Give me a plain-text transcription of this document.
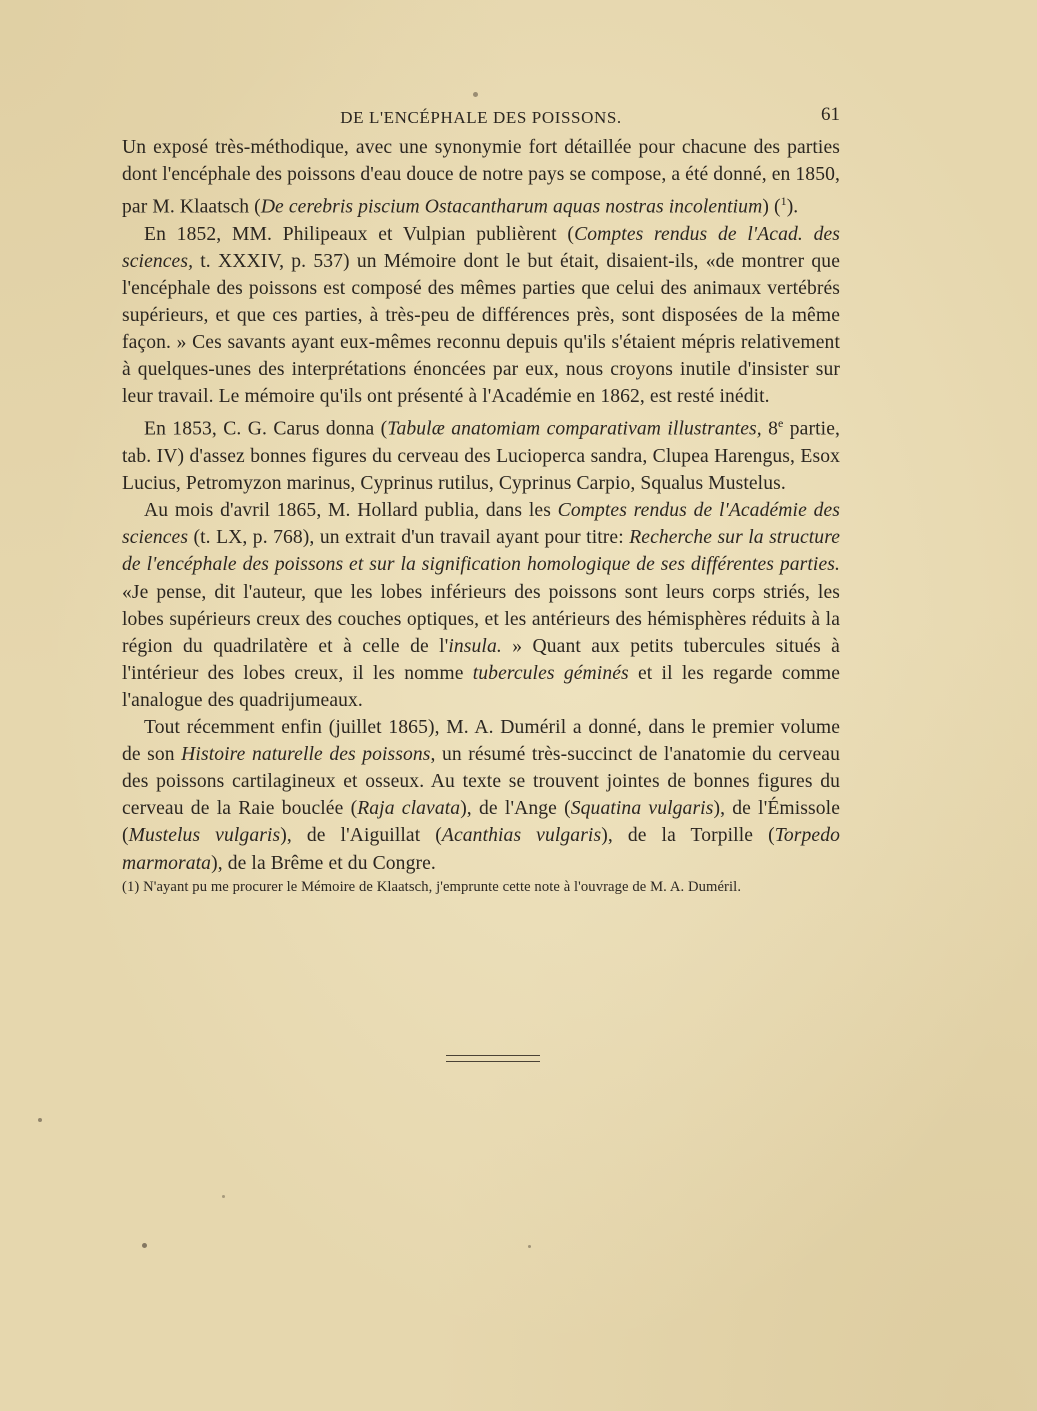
DE L'ENCÉPHALE DES POISSONS.	61

Un exposé très-méthodique, avec une synonymie fort détaillée pour chacune des parties dont l'encéphale des poissons d'eau douce de notre pays se compose, a été donné, en 1850, par M. Klaatsch (De cerebris piscium Ostacantharum aquas nostras incolentium) ($^1$).

En 1852, MM. Philipeaux et Vulpian publièrent (Comptes rendus de l'Acad. des sciences, t. XXXIV, p. 537) un Mémoire dont le but était, disaient-ils, «de montrer que l'encéphale des poissons est composé des mêmes parties que celui des animaux vertébrés supérieurs, et que ces parties, à très-peu de différences près, sont disposées de la même façon. » Ces savants ayant eux-mêmes reconnu depuis qu'ils s'étaient mépris relativement à quelques-unes des interprétations énoncées par eux, nous croyons inutile d'insister sur leur travail. Le mémoire qu'ils ont présenté à l'Académie en 1862, est resté inédit.

En 1853, C. G. Carus donna (Tabulæ anatomiam comparativam illustrantes, 8e partie, tab. IV) d'assez bonnes figures du cerveau des Lucioperca sandra, Clupea Harengus, Esox Lucius, Petromyzon marinus, Cyprinus rutilus, Cyprinus Carpio, Squalus Mustelus.

Au mois d'avril 1865, M. Hollard publia, dans les Comptes rendus de l'Académie des sciences (t. LX, p. 768), un extrait d'un travail ayant pour titre: Recherche sur la structure de l'encéphale des poissons et sur la signification homologique de ses différentes parties. «Je pense, dit l'auteur, que les lobes inférieurs des poissons sont leurs corps striés, les lobes supérieurs creux des couches optiques, et les antérieurs des hémisphères réduits à la région du quadrilatère et à celle de l'insula. » Quant aux petits tubercules situés à l'intérieur des lobes creux, il les nomme tubercules géminés et il les regarde comme l'analogue des quadrijumeaux.

Tout récemment enfin (juillet 1865), M. A. Duméril a donné, dans le premier volume de son Histoire naturelle des poissons, un résumé très-succinct de l'anatomie du cerveau des poissons cartilagineux et osseux. Au texte se trouvent jointes de bonnes figures du cerveau de la Raie bouclée (Raja clavata), de l'Ange (Squatina vulgaris), de l'Émissole (Mustelus vulgaris), de l'Aiguillat (Acanthias vulgaris), de la Torpille (Torpedo marmorata), de la Brême et du Congre.

(1) N'ayant pu me procurer le Mémoire de Klaatsch, j'emprunte cette note à l'ouvrage de M. A. Duméril.
